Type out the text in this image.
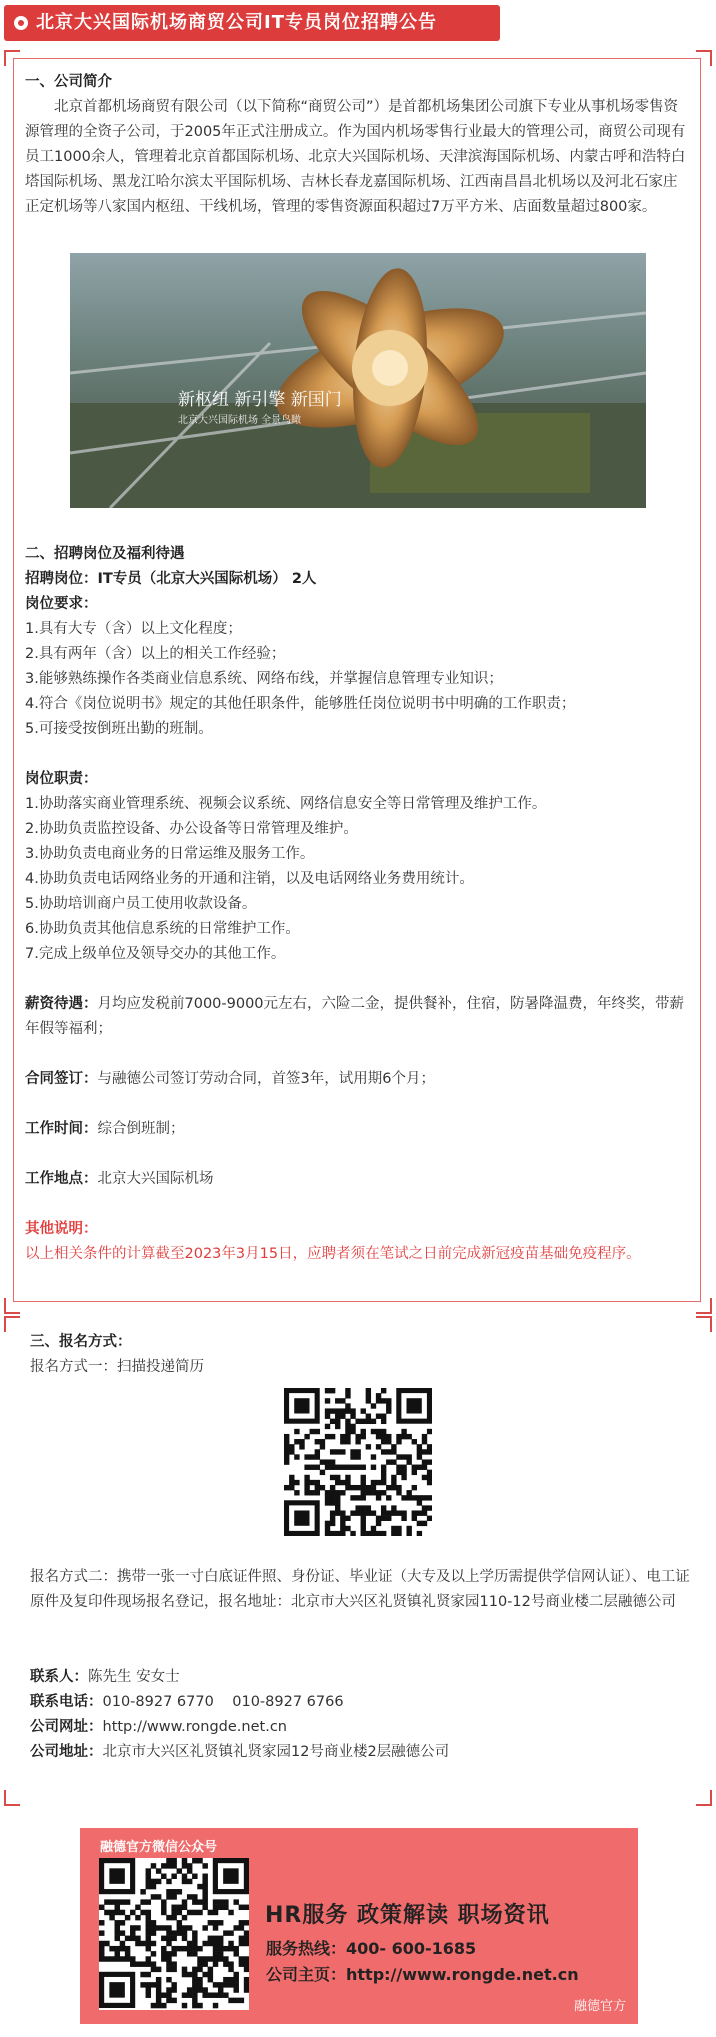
北京大兴国际机场商贸公司IT专员岗位招聘公告
一、公司简介
北京首都机场商贸有限公司（以下简称“商贸公司”）是首都机场集团公司旗下专业从事机场零售资源管理的全资子公司，于2005年正式注册成立。作为国内机场零售行业最大的管理公司，商贸公司现有员工1000余人，管理着北京首都国际机场、北京大兴国际机场、天津滨海国际机场、内蒙古呼和浩特白塔国际机场、黑龙江哈尔滨太平国际机场、吉林长春龙嘉国际机场、江西南昌昌北机场以及河北石家庄正定机场等八家国内枢纽、干线机场，管理的零售资源面积超过7万平方米、店面数量超过800家。
新枢纽 新引擎 新国门
北京大兴国际机场 全景鸟瞰
二、招聘岗位及福利待遇
招聘岗位：IT专员（北京大兴国际机场） 2人
岗位要求：
1.具有大专（含）以上文化程度；
2.具有两年（含）以上的相关工作经验；
3.能够熟练操作各类商业信息系统、网络布线，并掌握信息管理专业知识；
4.符合《岗位说明书》规定的其他任职条件，能够胜任岗位说明书中明确的工作职责；
5.可接受按倒班出勤的班制。
岗位职责：
1.协助落实商业管理系统、视频会议系统、网络信息安全等日常管理及维护工作。
2.协助负责监控设备、办公设备等日常管理及维护。
3.协助负责电商业务的日常运维及服务工作。
4.协助负责电话网络业务的开通和注销，以及电话网络业务费用统计。
5.协助培训商户员工使用收款设备。
6.协助负责其他信息系统的日常维护工作。
7.完成上级单位及领导交办的其他工作。
薪资待遇：月均应发税前7000-9000元左右，六险二金，提供餐补，住宿，防暑降温费，年终奖，带薪年假等福利；
合同签订：与融德公司签订劳动合同，首签3年，试用期6个月；
工作时间：综合倒班制；
工作地点：北京大兴国际机场
其他说明：
以上相关条件的计算截至2023年3月15日，应聘者须在笔试之日前完成新冠疫苗基础免疫程序。
三、报名方式：
报名方式一：扫描投递简历
报名方式二：携带一张一寸白底证件照、身份证、毕业证（大专及以上学历需提供学信网认证）、电工证原件及复印件现场报名登记，报名地址：北京市大兴区礼贤镇礼贤家园110-12号商业楼二层融德公司
联系人：陈先生 安女士
联系电话：010-8927 6770    010-8927 6766
公司网址：http://www.rongde.net.cn
公司地址：北京市大兴区礼贤镇礼贤家园12号商业楼2层融德公司
融德官方微信公众号
HR服务 政策解读 职场资讯
服务热线：400- 600-1685
公司主页：http://www.rongde.net.cn
融德官方
